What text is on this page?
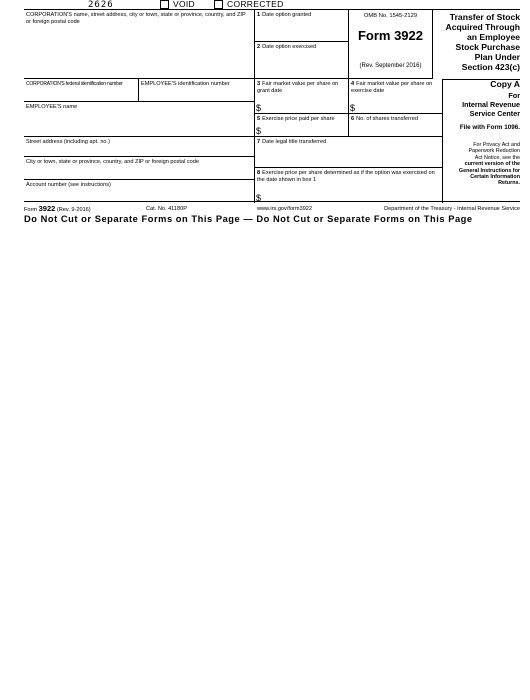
2626	VOID	CORRECTED
CORPORATION'S name, street address, city or town, state or province, country, and ZIP or foreign postal code
CORPORATION'S federal identification number	EMPLOYEE'S identification number
EMPLOYEE'S name
Street address (including apt. no.)
City or town, state or province, country, and ZIP or foreign postal code
Account number (see instructions)
1 Date option granted
2 Date option exercised
OMB No. 1545-2129
Form 3922
(Rev. September 2016)
3 Fair market value per share on grant date
$
4 Fair market value per share on exercise date
$
5 Exercise price paid per share
$
6 No. of shares transferred
7 Date legal title transferred
8 Exercise price per share determined as if the option was exercised on the date shown in box 1
$
Transfer of Stock
Acquired Through
an Employee
Stock Purchase
Plan Under
Section 423(c)
Copy A
For
Internal Revenue
Service Center
File with Form 1096.
For Privacy Act and
Paperwork Reduction
Act Notice, see the
current version of the
General Instructions for
Certain Information
Returns.
Form 3922 (Rev. 9-2016)	Cat. No. 41180P	www.irs.gov/form3922	Department of the Treasury - Internal Revenue Service
Do Not Cut or Separate Forms on This Page — Do Not Cut or Separate Forms on This Page
